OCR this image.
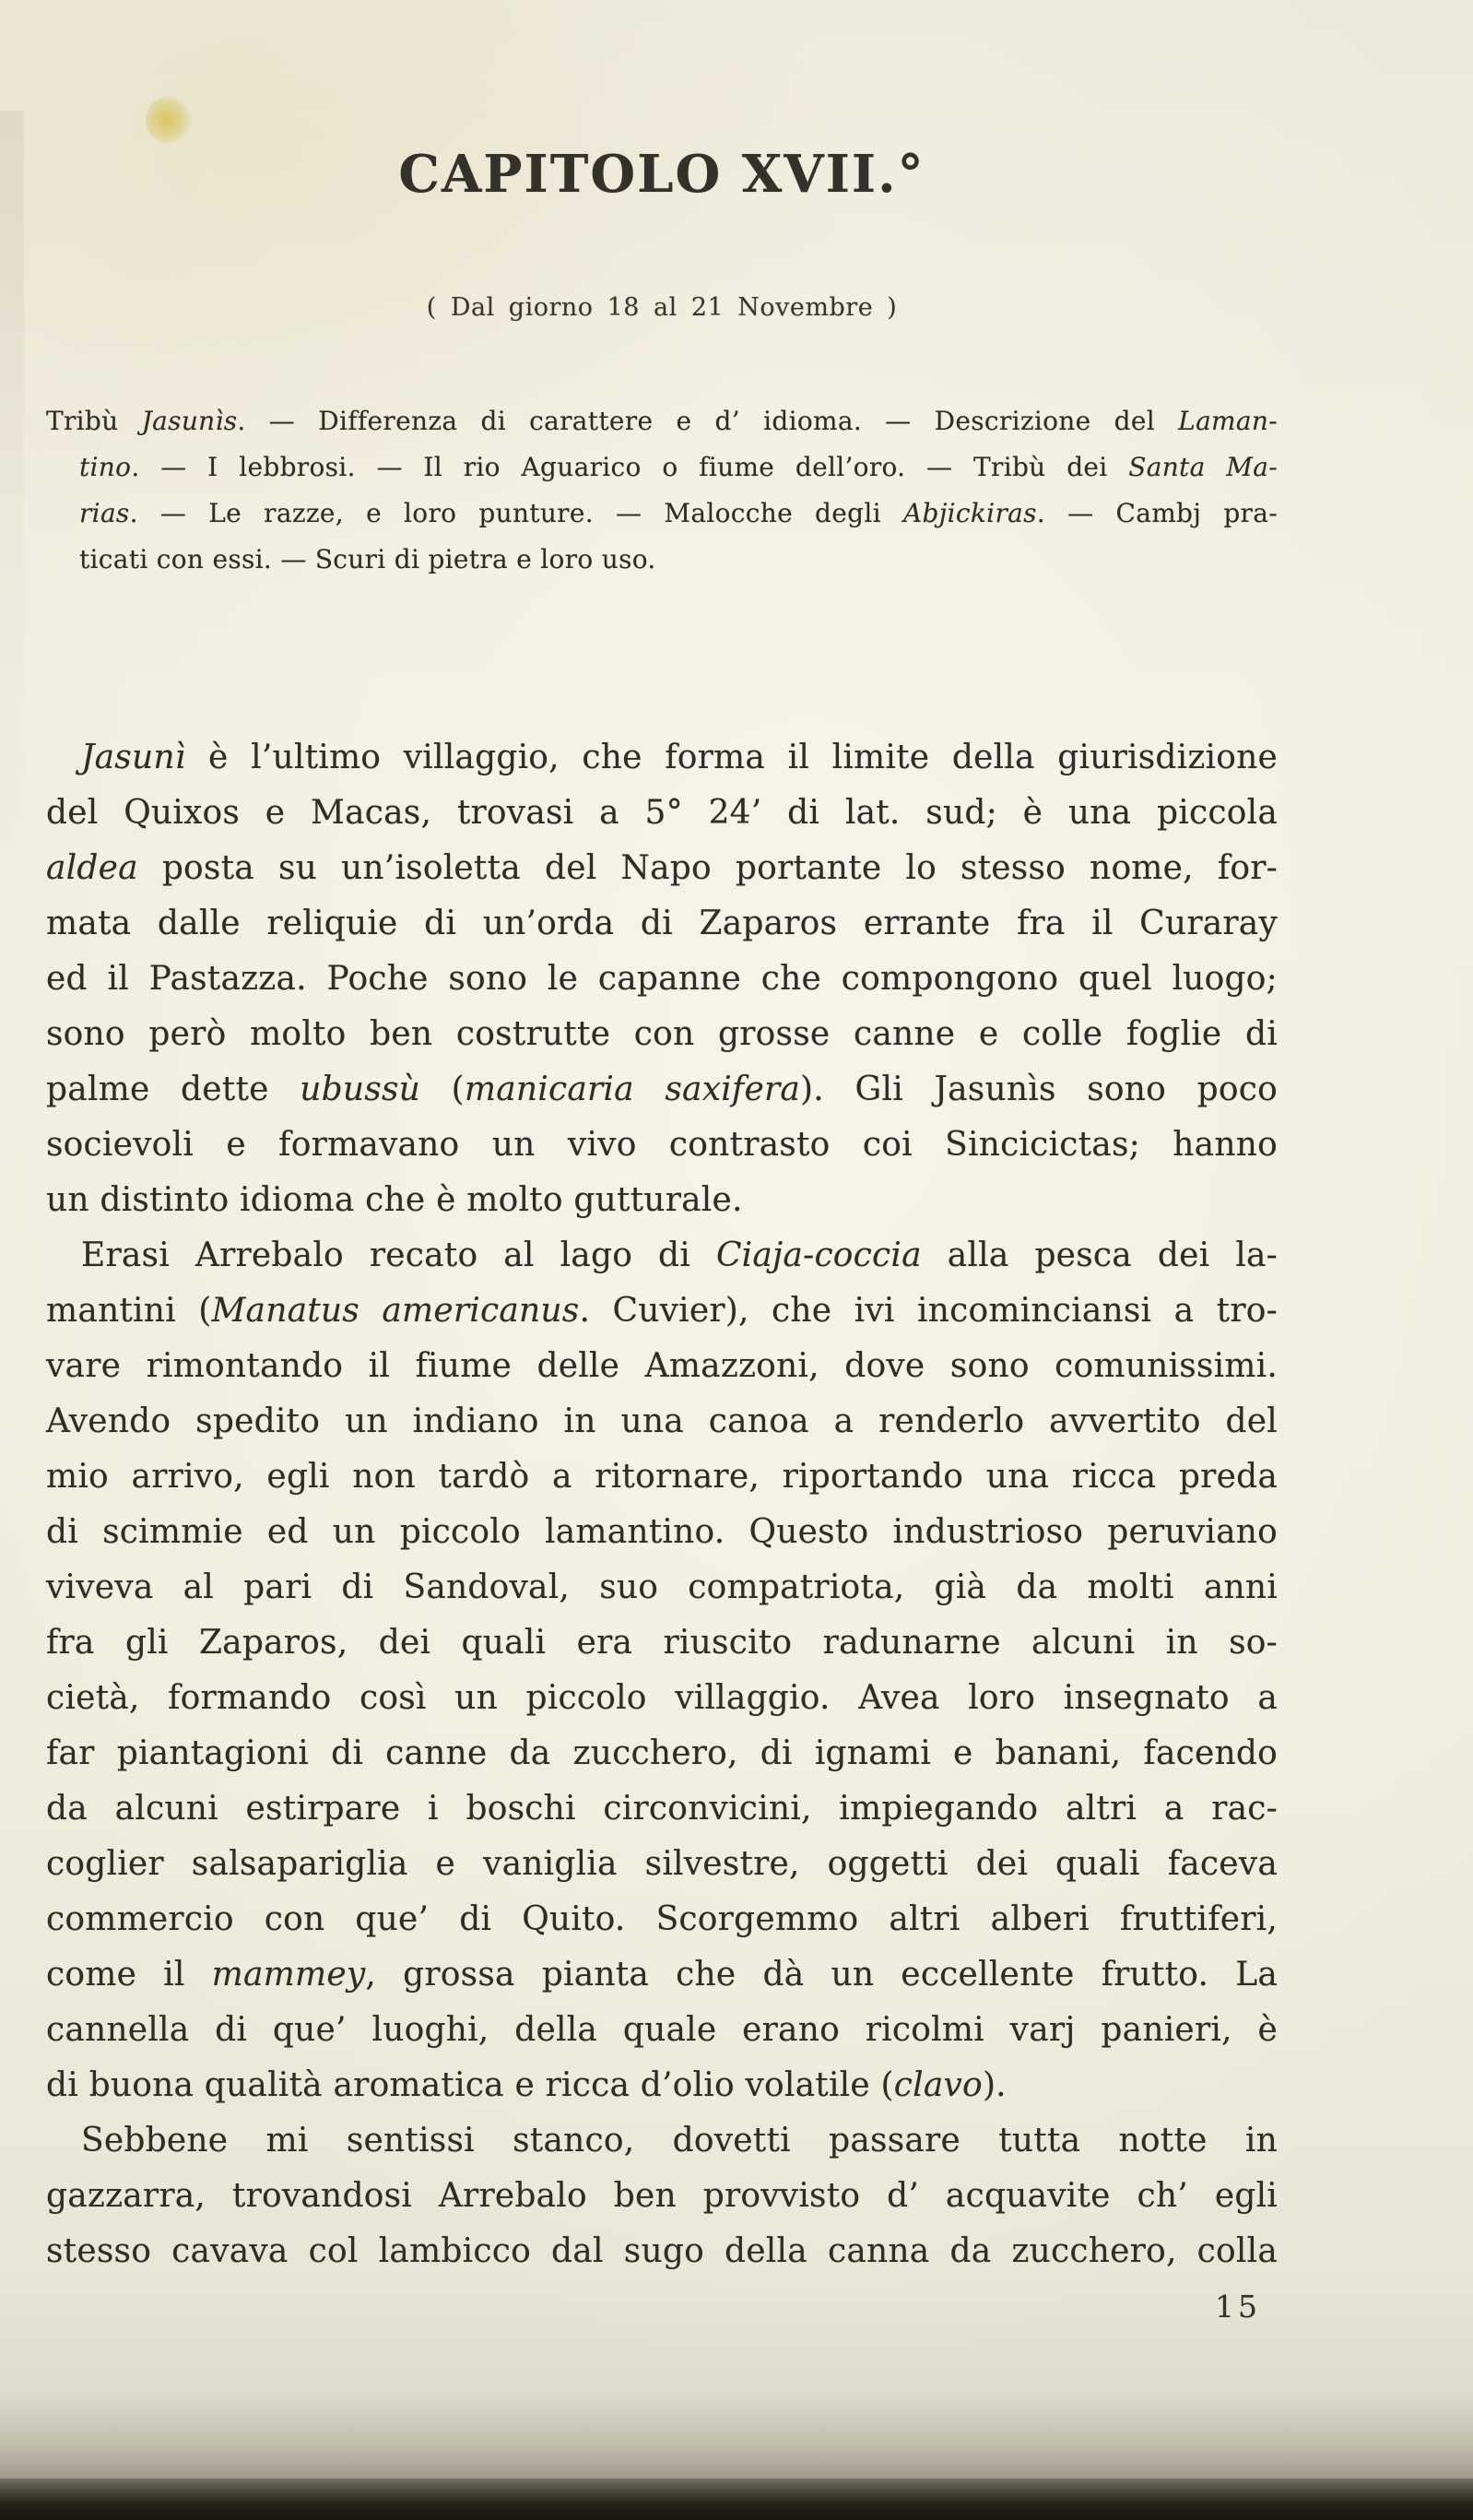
CAPITOLO XVII.°
( Dal giorno 18 al 21 Novembre )
Tribù Jasunìs. — Differenza di carattere e d’ idioma. — Descrizione del Laman-
tino. — I lebbrosi. — Il rio Aguarico o fiume dell’oro. — Tribù dei Santa Ma-
rias. — Le razze, e loro punture. — Malocche degli Abjickiras. — Cambj pra-
ticati con essi. — Scuri di pietra e loro uso.
Jasunì è l’ultimo villaggio, che forma il limite della giurisdizione
del Quixos e Macas, trovasi a 5° 24’ di lat. sud; è una piccola
aldea posta su un’isoletta del Napo portante lo stesso nome, for-
mata dalle reliquie di un’orda di Zaparos errante fra il Curaray
ed il Pastazza. Poche sono le capanne che compongono quel luogo;
sono però molto ben costrutte con grosse canne e colle foglie di
palme dette ubussù (manicaria saxifera). Gli Jasunìs sono poco
socievoli e formavano un vivo contrasto coi Sincicictas; hanno
un distinto idioma che è molto gutturale.
Erasi Arrebalo recato al lago di Ciaja-coccia alla pesca dei la-
mantini (Manatus americanus. Cuvier), che ivi incominciansi a tro-
vare rimontando il fiume delle Amazzoni, dove sono comunissimi.
Avendo spedito un indiano in una canoa a renderlo avvertito del
mio arrivo, egli non tardò a ritornare, riportando una ricca preda
di scimmie ed un piccolo lamantino. Questo industrioso peruviano
viveva al pari di Sandoval, suo compatriota, già da molti anni
fra gli Zaparos, dei quali era riuscito radunarne alcuni in so-
cietà, formando così un piccolo villaggio. Avea loro insegnato a
far piantagioni di canne da zucchero, di ignami e banani, facendo
da alcuni estirpare i boschi circonvicini, impiegando altri a rac-
coglier salsapariglia e vaniglia silvestre, oggetti dei quali faceva
commercio con que’ di Quito. Scorgemmo altri alberi fruttiferi,
come il mammey, grossa pianta che dà un eccellente frutto. La
cannella di que’ luoghi, della quale erano ricolmi varj panieri, è
di buona qualità aromatica e ricca d’olio volatile (clavo).
Sebbene mi sentissi stanco, dovetti passare tutta notte in
gazzarra, trovandosi Arrebalo ben provvisto d’ acquavite ch’ egli
stesso cavava col lambicco dal sugo della canna da zucchero, colla
15
